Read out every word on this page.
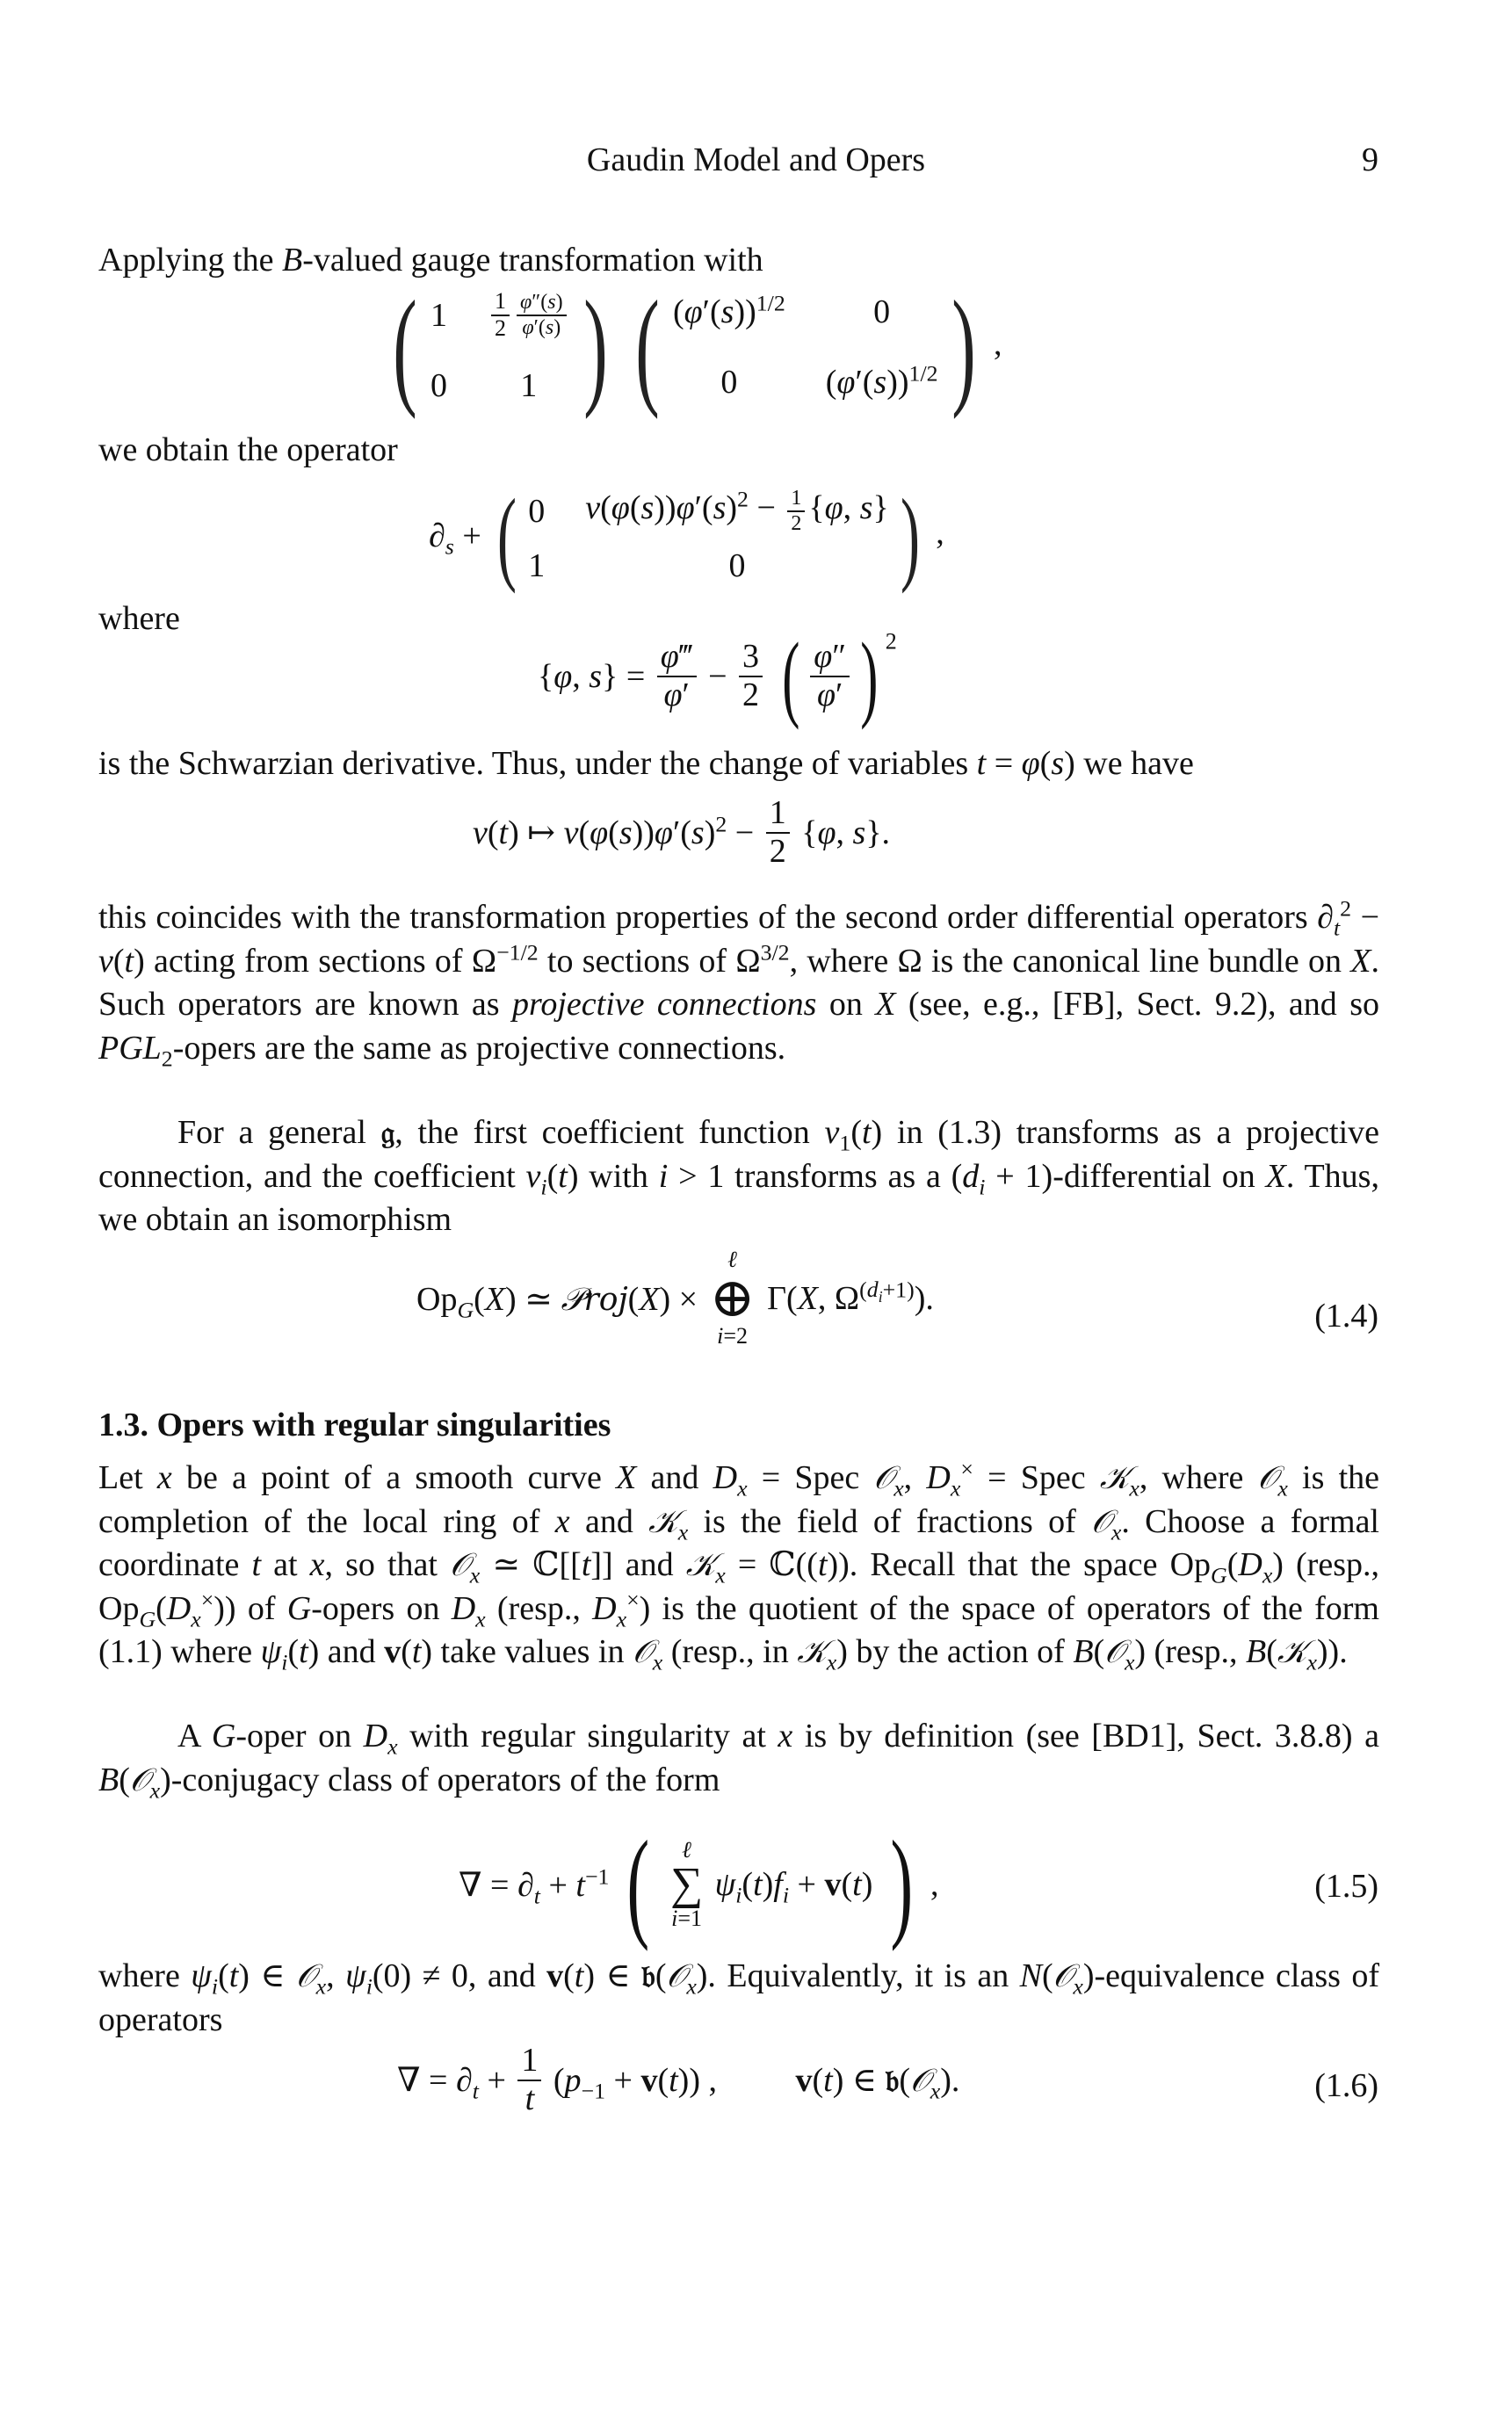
Gaudin Model and Opers	9
Applying the B-valued gauge transformation with
( $1 \frac{1}{2} \frac{\varphi''(s)}{\varphi'(s)}$
0 1 )
( $(\varphi'(s))^{1/2}$	0
0	$(\varphi'(s))^{1/2}$ ) ,
we obtain the operator
$\partial_s$ + ( 0 $v(\varphi(s))\varphi'(s)^2 - \frac{1}{2} \{\varphi$, s}
1	0 ) ,
where
{φ, $s\} = \frac{\varphi‴}{\varphi'} - \frac{3}{2}$ ( $\frac{\varphi''}{\varphi'}$ ) $^2$
is the Schwarzian derivative. Thus, under the change of variables t = φ(s) we have
v(t) ↦ $v(\varphi(s))\varphi'(s)^2 - \frac{1}{2} \{\varphi$, s}.
this coincides with the transformation properties of the second order differential operators $\partial_t^2 - v(t)$ acting from sections of $\Omega^{-1/2}$ to sections of $\Omega^{3/2}$, where Ω is the canonical line bundle on X. Such operators are known as projective connections on X (see, e.g., [FB], Sect. 9.2), and so $PGL_2$-opers are the same as projective connections.
For a general 𝔤, the first coefficient function $v_1(t)$ in (1.3) transforms as a projective connection, and the coefficient $v_i(t)$ with i > 1 transforms as a ($d_i$ + 1)-differential on X. Thus, we obtain an isomorphism
$Op_G(X)$ ≃ 𝒫roj(X) ×
ℓ
⊕
i=2
Γ(X, $\Omega^{(d_i+1)}$).	(1.4)
1.3. Opers with regular singularities
Let x be a point of a smooth curve X and $D_x$ = Spec 𝒪$_x$, $D_x^\times$ = Spec 𝒦$_x$, where 𝒪$_x$ is the completion of the local ring of x and 𝒦$_x$ is the field of fractions of 𝒪$_x$. Choose a formal coordinate t at x, so that 𝒪$_x$ ≃ ℂ[[t]] and 𝒦$_x$ = ℂ((t)). Recall that the space $Op_G(D_x)$ (resp., $Op_G(D_x^\times)$) of G-opers on $D_x$ (resp., $D_x^\times$) is the quotient of the space of operators of the form (1.1) where $\psi_i(t)$ and v(t) take values in 𝒪$_x$ (resp., in 𝒦$_x$) by the action of B(𝒪$_x$) (resp., B(𝒦$_x$)).
A G-oper on $D_x$ with regular singularity at x is by definition (see [BD1], Sect. 3.8.8) a B(𝒪$_x$)-conjugacy class of operators of the form
∇ = $\partial_t + t^{-1}$ ( ℓ
∑
i=1
$\psi_i(t)f_i + v(t)$ ) ,	(1.5)
where $\psi_i(t)$ ∈ 𝒪$_x$, $\psi_i(0) \ne 0$, and v(t) ∈ 𝔟(𝒪$_x$). Equivalently, it is an N(𝒪$_x$)-equivalence class of operators
∇ = $\partial_t + \frac{1}{t} (p_{-1} + v(t))$ , v(t) ∈ 𝔟(𝒪$_x$).	(1.6)
